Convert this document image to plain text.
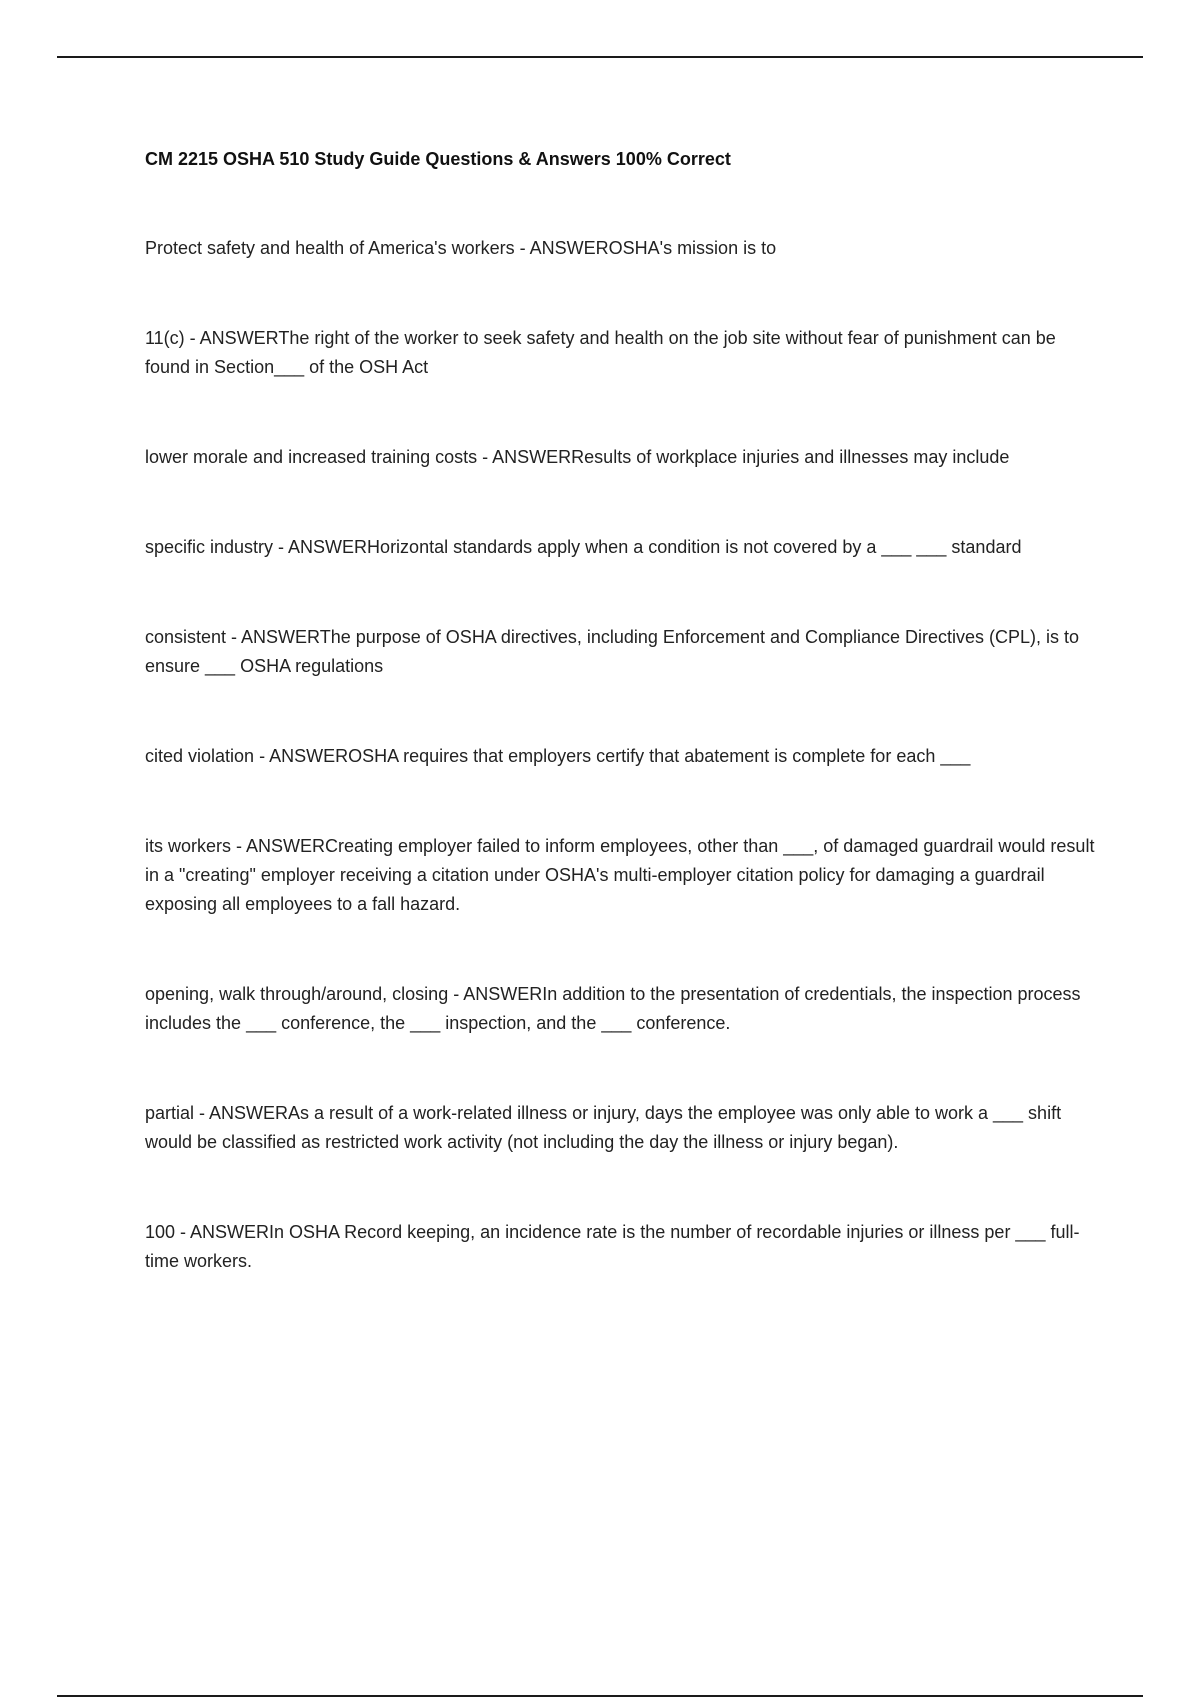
CM 2215 OSHA 510 Study Guide Questions & Answers 100% Correct
Protect safety and health of America's workers - ANSWEROSHA's mission is to
11(c) - ANSWERThe right of the worker to seek safety and health on the job site without fear of punishment can be found in Section___ of the OSH Act
lower morale and increased training costs - ANSWERResults of workplace injuries and illnesses may include
specific industry - ANSWERHorizontal standards apply when a condition is not covered by a ___ ___ standard
consistent - ANSWERThe purpose of OSHA directives, including Enforcement and Compliance Directives (CPL), is to ensure ___ OSHA regulations
cited violation - ANSWEROSHA requires that employers certify that abatement is complete for each ___
its workers - ANSWERCreating employer failed to inform employees, other than ___, of damaged guardrail would result in a "creating" employer receiving a citation under OSHA's multi-employer citation policy for damaging a guardrail exposing all employees to a fall hazard.
opening, walk through/around, closing - ANSWERIn addition to the presentation of credentials, the inspection process includes the ___ conference, the ___ inspection, and the ___ conference.
partial - ANSWERAs a result of a work-related illness or injury, days the employee was only able to work a ___ shift would be classified as restricted work activity (not including the day the illness or injury began).
100 - ANSWERIn OSHA Record keeping, an incidence rate is the number of recordable injuries or illness per ___ full-time workers.
